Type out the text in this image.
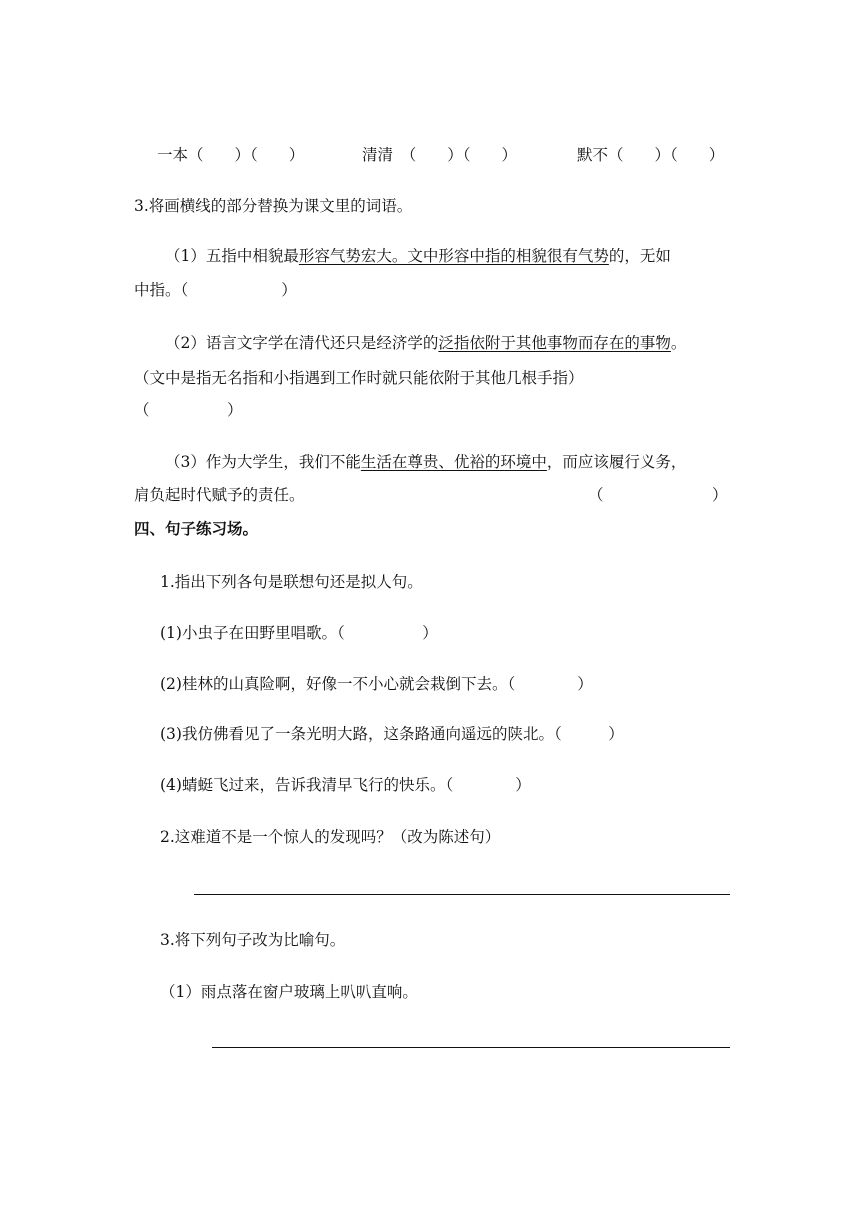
一本（　　）（　　）	清清　（　　）（　　）	默不（　　）（　　）
3.将画横线的部分替换为课文里的词语。
（1）五指中相貌最形容气势宏大。文中形容中指的相貌很有气势的，无如
中指。（　　　　　　）
（2）语言文字学在清代还只是经济学的泛指依附于其他事物而存在的事物。
（文中是指无名指和小指遇到工作时就只能依附于其他几根手指）
（　　　　　）
（3）作为大学生，我们不能生活在尊贵、优裕的环境中，而应该履行义务，
肩负起时代赋予的责任。	（　　　　　　　）
四、句子练习场。
1.指出下列各句是联想句还是拟人句。
(1)小虫子在田野里唱歌。（　　　　　）
(2)桂林的山真险啊，好像一不小心就会栽倒下去。（　　　　）
(3)我仿佛看见了一条光明大路，这条路通向遥远的陕北。（　　　）
(4)蜻蜓飞过来，告诉我清早飞行的快乐。（　　　　）
2.这难道不是一个惊人的发现吗？（改为陈述句）
3.将下列句子改为比喻句。
（1）雨点落在窗户玻璃上叭叭直响。
